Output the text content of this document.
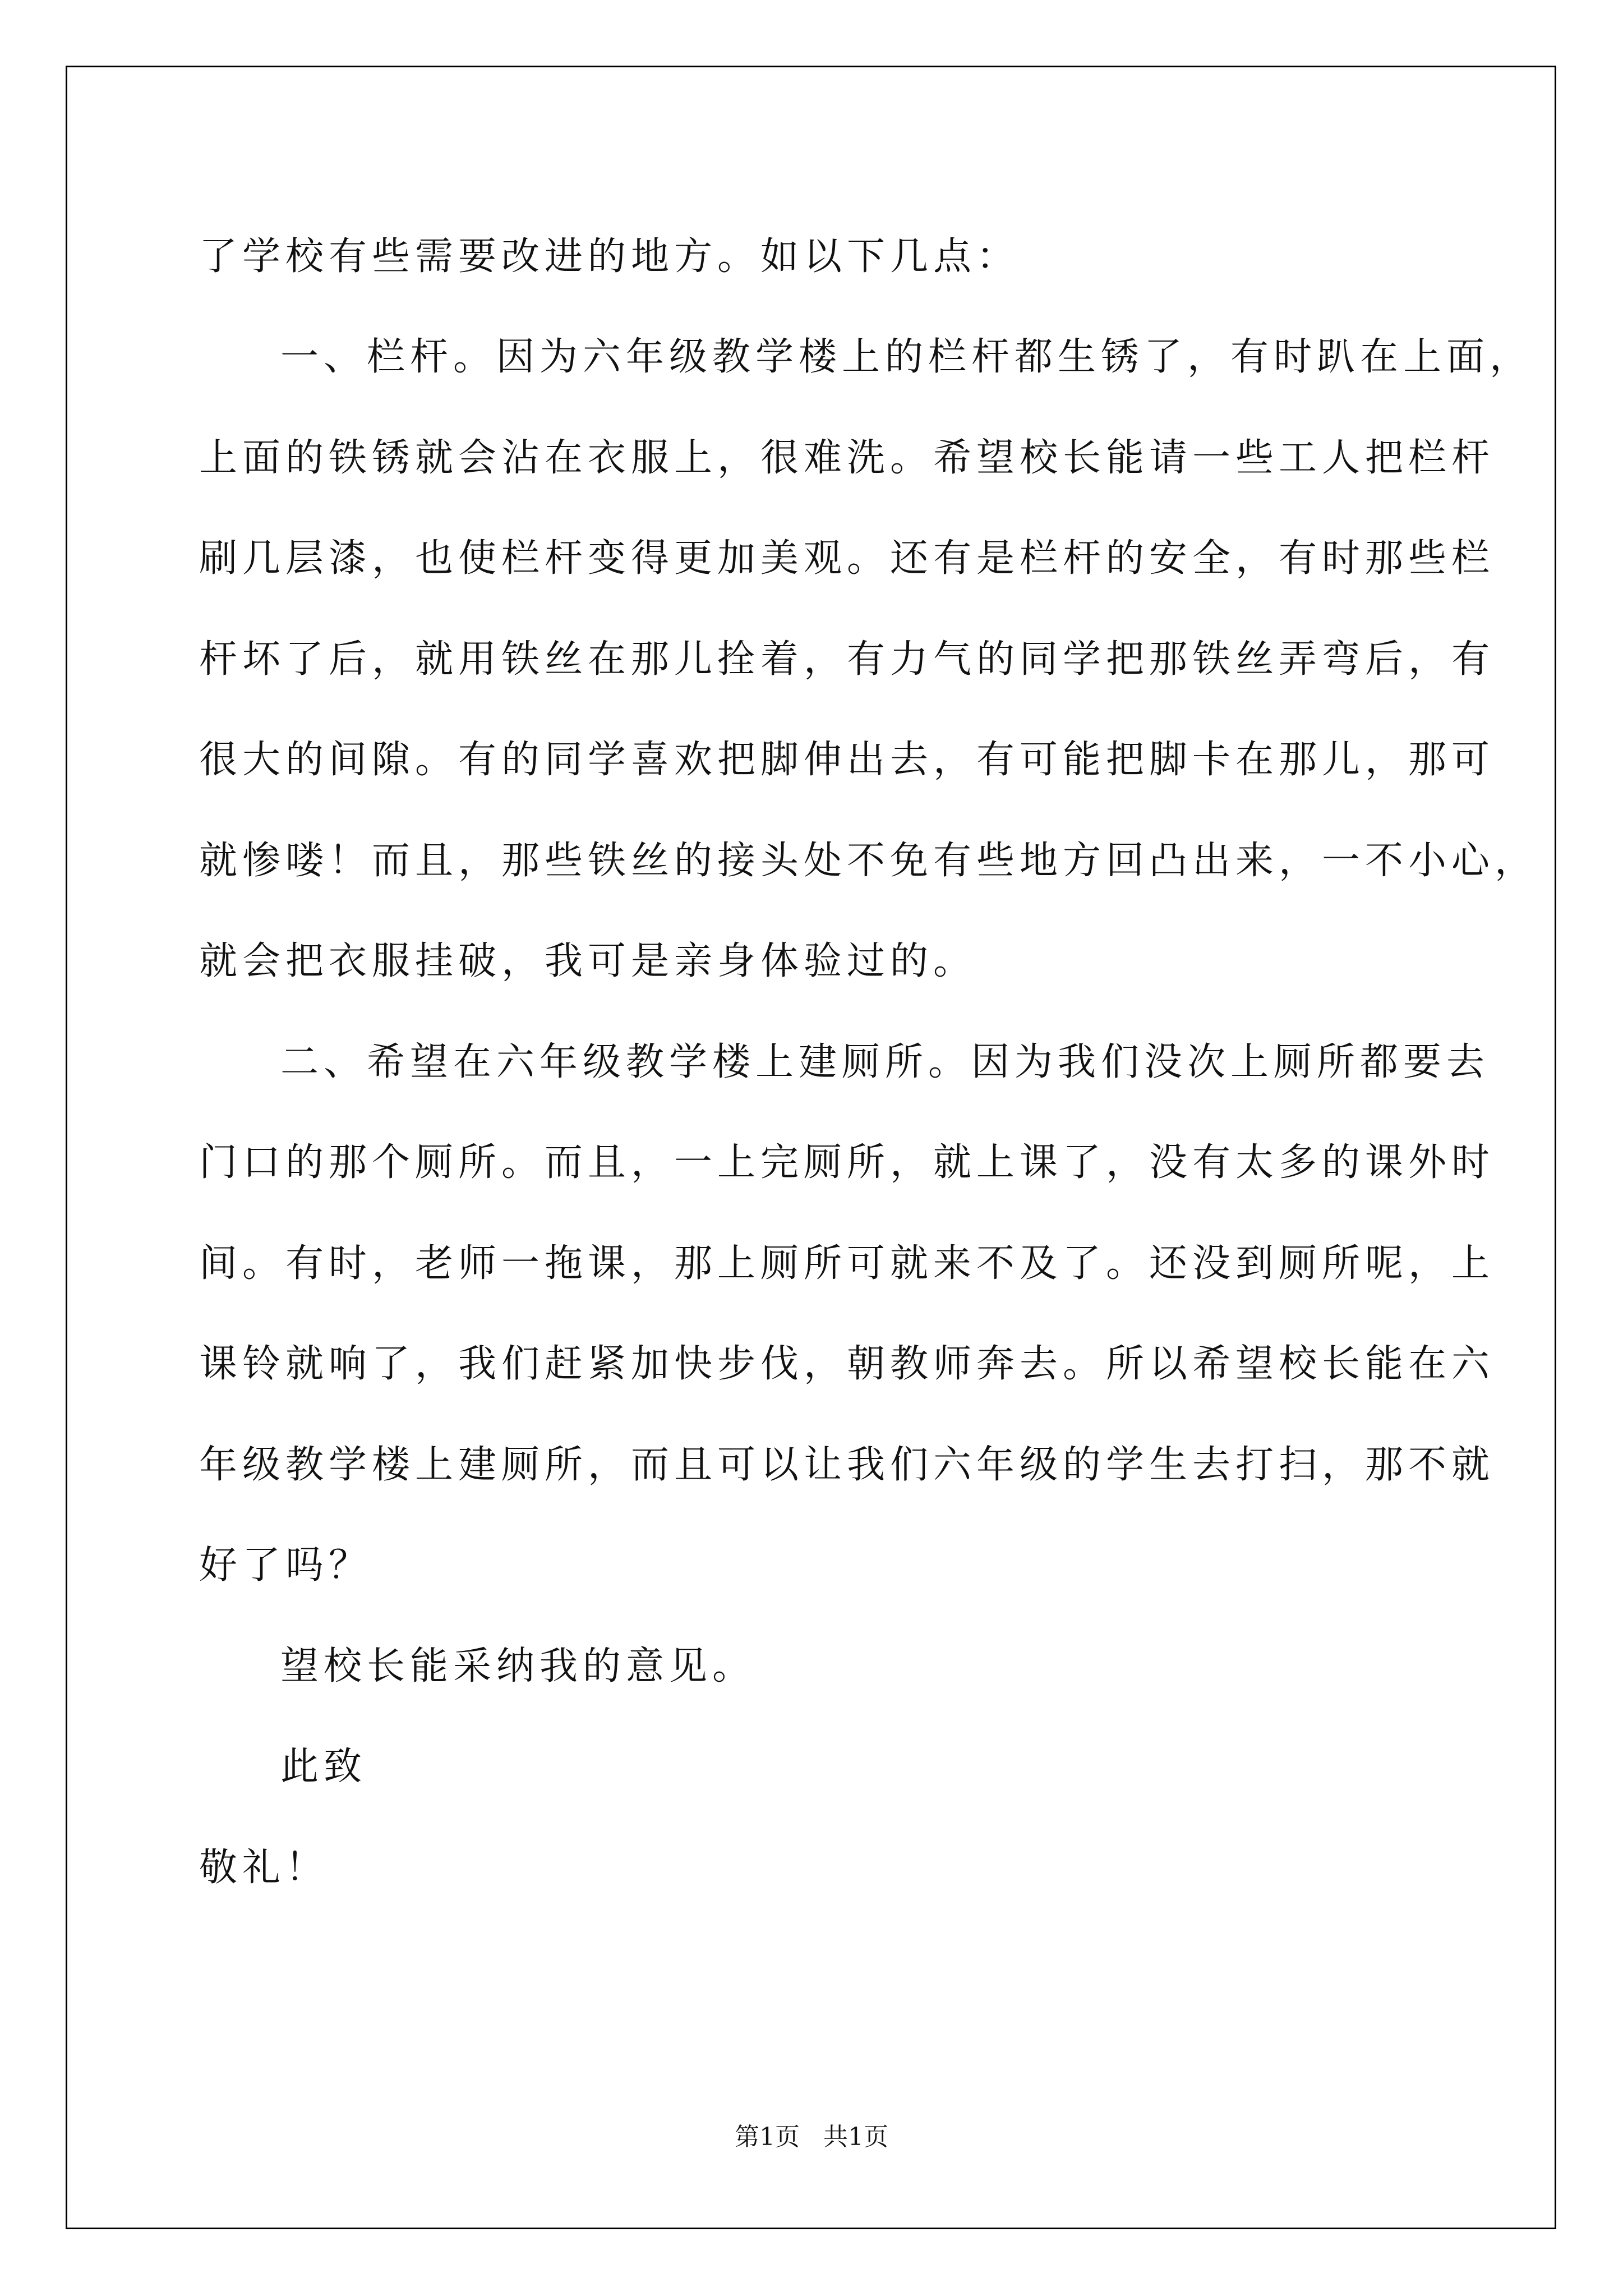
了学校有些需要改进的地方。如以下几点：
一、栏杆。因为六年级教学楼上的栏杆都生锈了，有时趴在上面，
上面的铁锈就会沾在衣服上，很难洗。希望校长能请一些工人把栏杆
刷几层漆，也使栏杆变得更加美观。还有是栏杆的安全，有时那些栏
杆坏了后，就用铁丝在那儿拴着，有力气的同学把那铁丝弄弯后，有
很大的间隙。有的同学喜欢把脚伸出去，有可能把脚卡在那儿，那可
就惨喽！而且，那些铁丝的接头处不免有些地方回凸出来，一不小心，
就会把衣服挂破，我可是亲身体验过的。
二、希望在六年级教学楼上建厕所。因为我们没次上厕所都要去
门口的那个厕所。而且，一上完厕所，就上课了，没有太多的课外时
间。有时，老师一拖课，那上厕所可就来不及了。还没到厕所呢，上
课铃就响了，我们赶紧加快步伐，朝教师奔去。所以希望校长能在六
年级教学楼上建厕所，而且可以让我们六年级的学生去打扫，那不就
好了吗？
望校长能采纳我的意见。
此致
敬礼！
第1页   共1页
